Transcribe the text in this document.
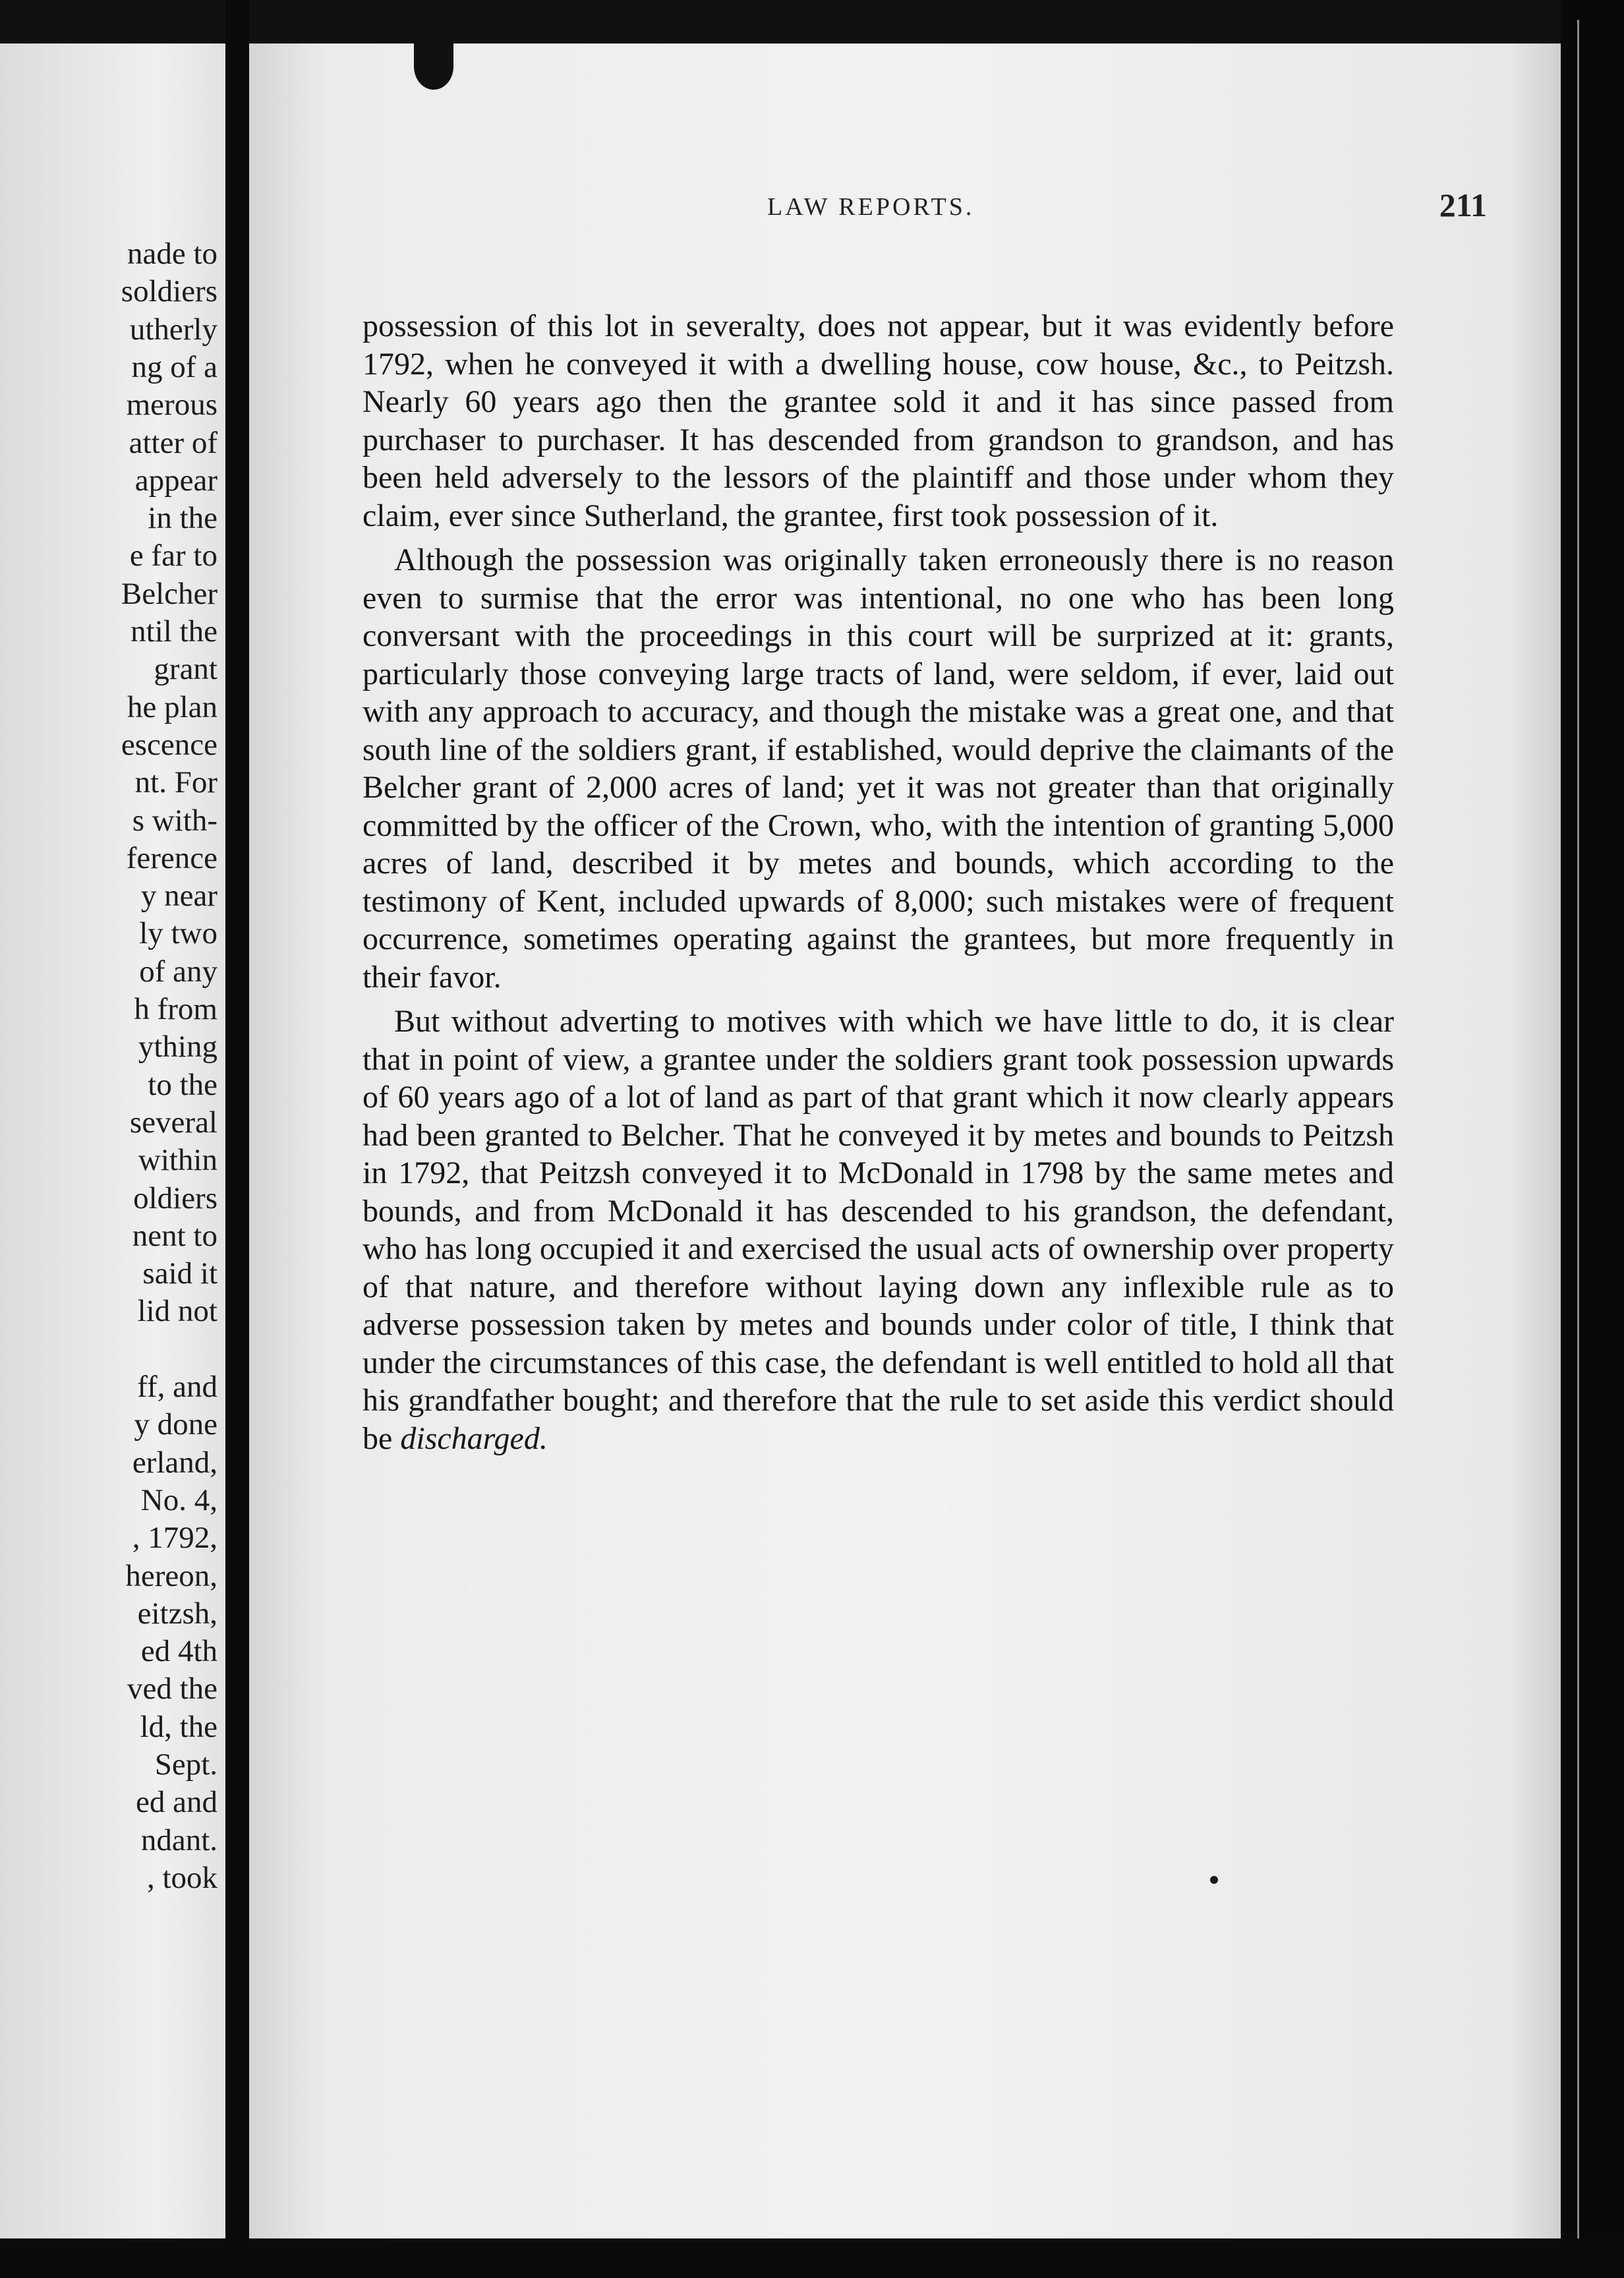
nade to
soldiers
utherly
ng of a
merous
atter of
appear
in the
e far to
Belcher
ntil the
grant
he plan
escence
nt. For
s with-
ference
y near
ly two
of any
h from
ything
to the
several
within
oldiers
nent to
said it
lid not
ff, and
y done
erland,
No. 4,
, 1792,
hereon,
eitzsh,
ed 4th
ved the
ld, the
Sept.
ed and
ndant.
, took
LAW REPORTS.	211

possession of this lot in severalty, does not appear, but it was evidently before 1792, when he conveyed it with a dwelling house, cow house, &c., to Peitzsh. Nearly 60 years ago then the grantee sold it and it has since passed from purchaser to purchaser. It has descended from grandson to grandson, and has been held adversely to the lessors of the plaintiff and those under whom they claim, ever since Sutherland, the grantee, first took possession of it.

Although the possession was originally taken erroneously there is no reason even to surmise that the error was intentional, no one who has been long conversant with the proceedings in this court will be surprized at it: grants, particularly those conveying large tracts of land, were seldom, if ever, laid out with any approach to accuracy, and though the mistake was a great one, and that south line of the soldiers grant, if established, would deprive the claimants of the Belcher grant of 2,000 acres of land; yet it was not greater than that originally committed by the officer of the Crown, who, with the intention of granting 5,000 acres of land, described it by metes and bounds, which according to the testimony of Kent, included upwards of 8,000; such mistakes were of frequent occurrence, sometimes operating against the grantees, but more frequently in their favor.

But without adverting to motives with which we have little to do, it is clear that in point of view, a grantee under the soldiers grant took possession upwards of 60 years ago of a lot of land as part of that grant which it now clearly appears had been granted to Belcher. That he conveyed it by metes and bounds to Peitzsh in 1792, that Peitzsh conveyed it to McDonald in 1798 by the same metes and bounds, and from McDonald it has descended to his grandson, the defendant, who has long occupied it and exercised the usual acts of ownership over property of that nature, and therefore without laying down any inflexible rule as to adverse possession taken by metes and bounds under color of title, I think that under the circumstances of this case, the defendant is well entitled to hold all that his grandfather bought; and therefore that the rule to set aside this verdict should be discharged.
